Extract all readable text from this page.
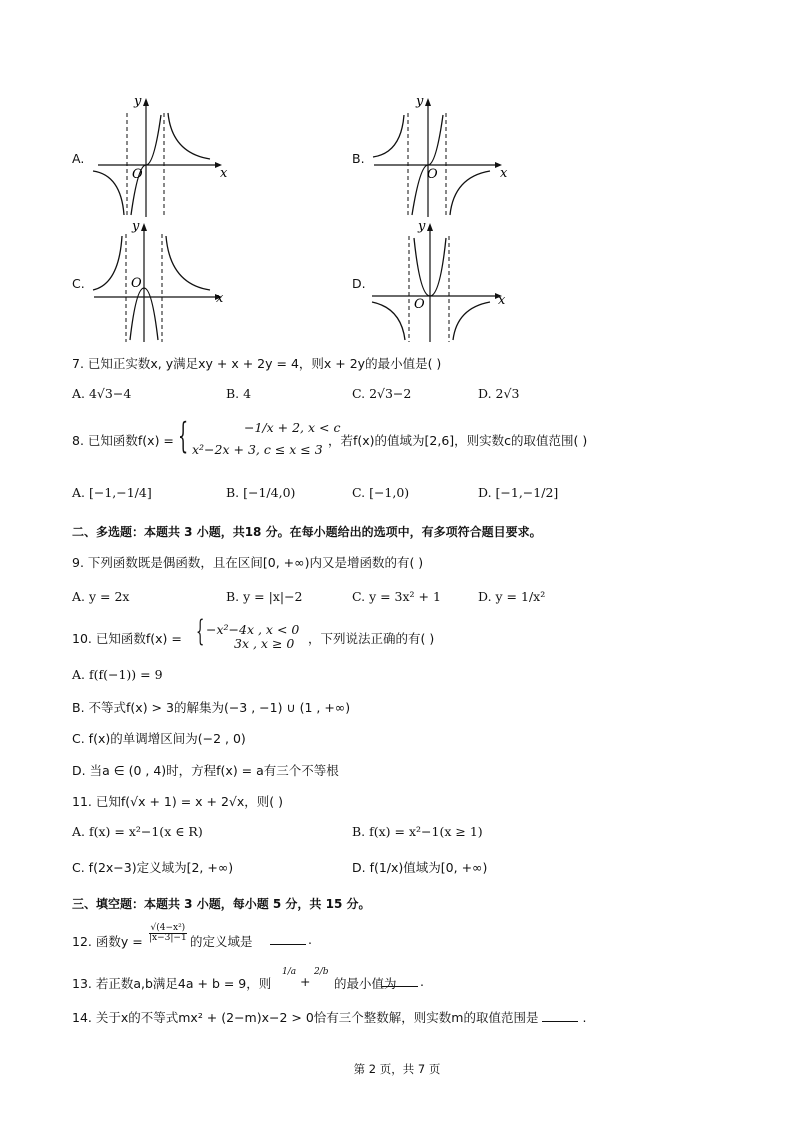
A.
O	x
y
B.
O	x
y
C.	O
x
y
D.
O	x
y
7. 已知正实数x, y满足xy + x + 2y = 4，则x + 2y的最小值是( )
A. 4√3−4	B. 4	C. 2√3−2	D. 2√3
8. 已知函数f(x) = {	−1/x + 2, x < c
x²−2x + 3, c ≤ x ≤ 3
，若f(x)的值域为[2,6]，则实数c的取值范围( )
A. [−1,−1/4]	B. [−1/4,0)	C. [−1,0)	D. [−1,−1/2]
二、多选题：本题共 3 小题，共18 分。在每小题给出的选项中，有多项符合题目要求。
9. 下列函数既是偶函数，且在区间[0, +∞)内又是增函数的有( )
A. y = 2x	B. y = |x|−2	C. y = 3x² + 1	D. y = 1/x²
10. 已知函数f(x) = { −x²−4x , x < 0
3x , x ≥ 0 ，下列说法正确的有( )
A. f(f(−1)) = 9
B. 不等式f(x) > 3的解集为(−3 , −1) ∪ (1 , +∞)
C. f(x)的单调增区间为(−2 , 0)
D. 当a ∈ (0 , 4)时，方程f(x) = a有三个不等根
11. 已知f(√x + 1) = x + 2√x，则( )
A. f(x) = x²−1(x ∈ R)	B. f(x) = x²−1(x ≥ 1)
C. f(2x−3)定义域为[2, +∞)	D. f(1/x)值域为[0, +∞)
三、填空题：本题共 3 小题，每小题 5 分，共 15 分。
12. 函数$y = \frac{\text{√(4−x²)}}{|x-3|-1}$ 的定义域是	.
13. 若正数a,b满足4a + b = 9，则
1/a
+
2/b
的最小值为 .
14. 关于x的不等式mx² + (2−m)x−2 > 0恰有三个整数解，则实数m的取值范围是	.
第 2 页，共 7 页
